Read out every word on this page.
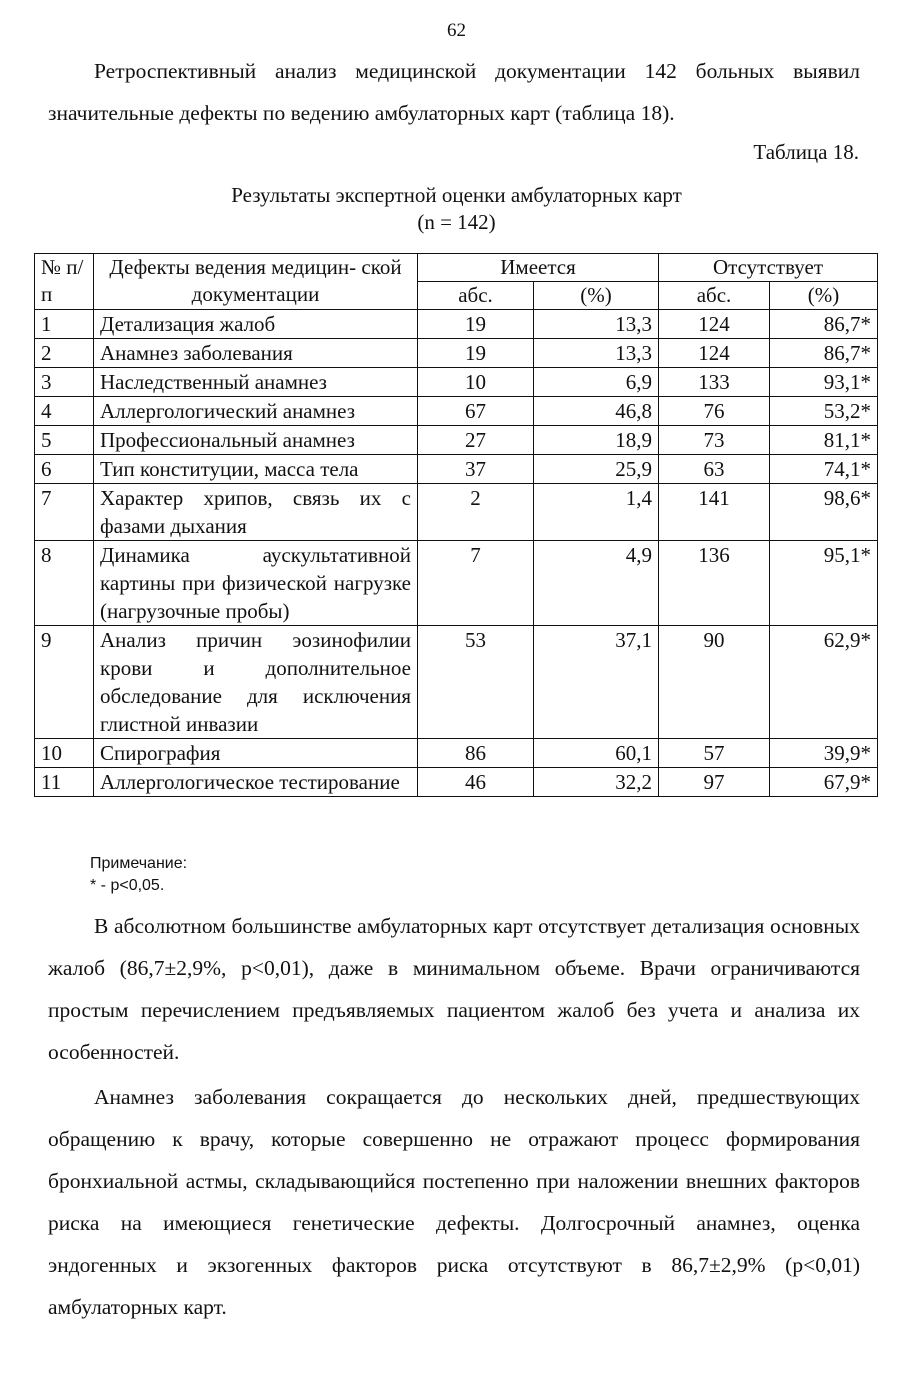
62

Ретроспективный анализ медицинской документации 142 больных выявил значительные дефекты по ведению амбулаторных карт (таблица 18).

Таблица 18.
Результаты экспертной оценки амбулаторных карт
(n = 142)
№ п/п	Дефекты ведения медицин- ской документации	Имеется		Отсутствует	
		абс.	(%)	абс.	(%)
1	Детализация жалоб	19	13,3	124	86,7*
2	Анамнез заболевания	19	13,3	124	86,7*
3	Наследственный анамнез	10	6,9	133	93,1*
4	Аллергологический анамнез	67	46,8	76	53,2*
5	Профессиональный анамнез	27	18,9	73	81,1*
6	Тип конституции, масса тела	37	25,9	63	74,1*
7	Характер хрипов, связь их с фазами дыхания	2	1,4	141	98,6*
8	Динамика аускультативной картины при физической нагрузке (нагрузочные пробы)	7	4,9	136	95,1*
9	Анализ причин эозинофилии крови и дополнительное обследование для исключения глистной инвазии	53	37,1	90	62,9*
10	Спирография	86	60,1	57	39,9*
11	Аллергологическое тестирование	46	32,2	97	67,9*
Примечание:
* - p<0,05.

В абсолютном большинстве амбулаторных карт отсутствует детализация основных жалоб (86,7±2,9%, p<0,01), даже в минимальном объеме. Врачи ограничиваются простым перечислением предъявляемых пациентом жалоб без учета и анализа их особенностей.

Анамнез заболевания сокращается до нескольких дней, предшествующих обращению к врачу, которые совершенно не отражают процесс формирования бронхиальной астмы, складывающийся постепенно при наложении внешних факторов риска на имеющиеся генетические дефекты. Долгосрочный анамнез, оценка эндогенных и экзогенных факторов риска отсутствуют в 86,7±2,9% (p<0,01) амбулаторных карт.
